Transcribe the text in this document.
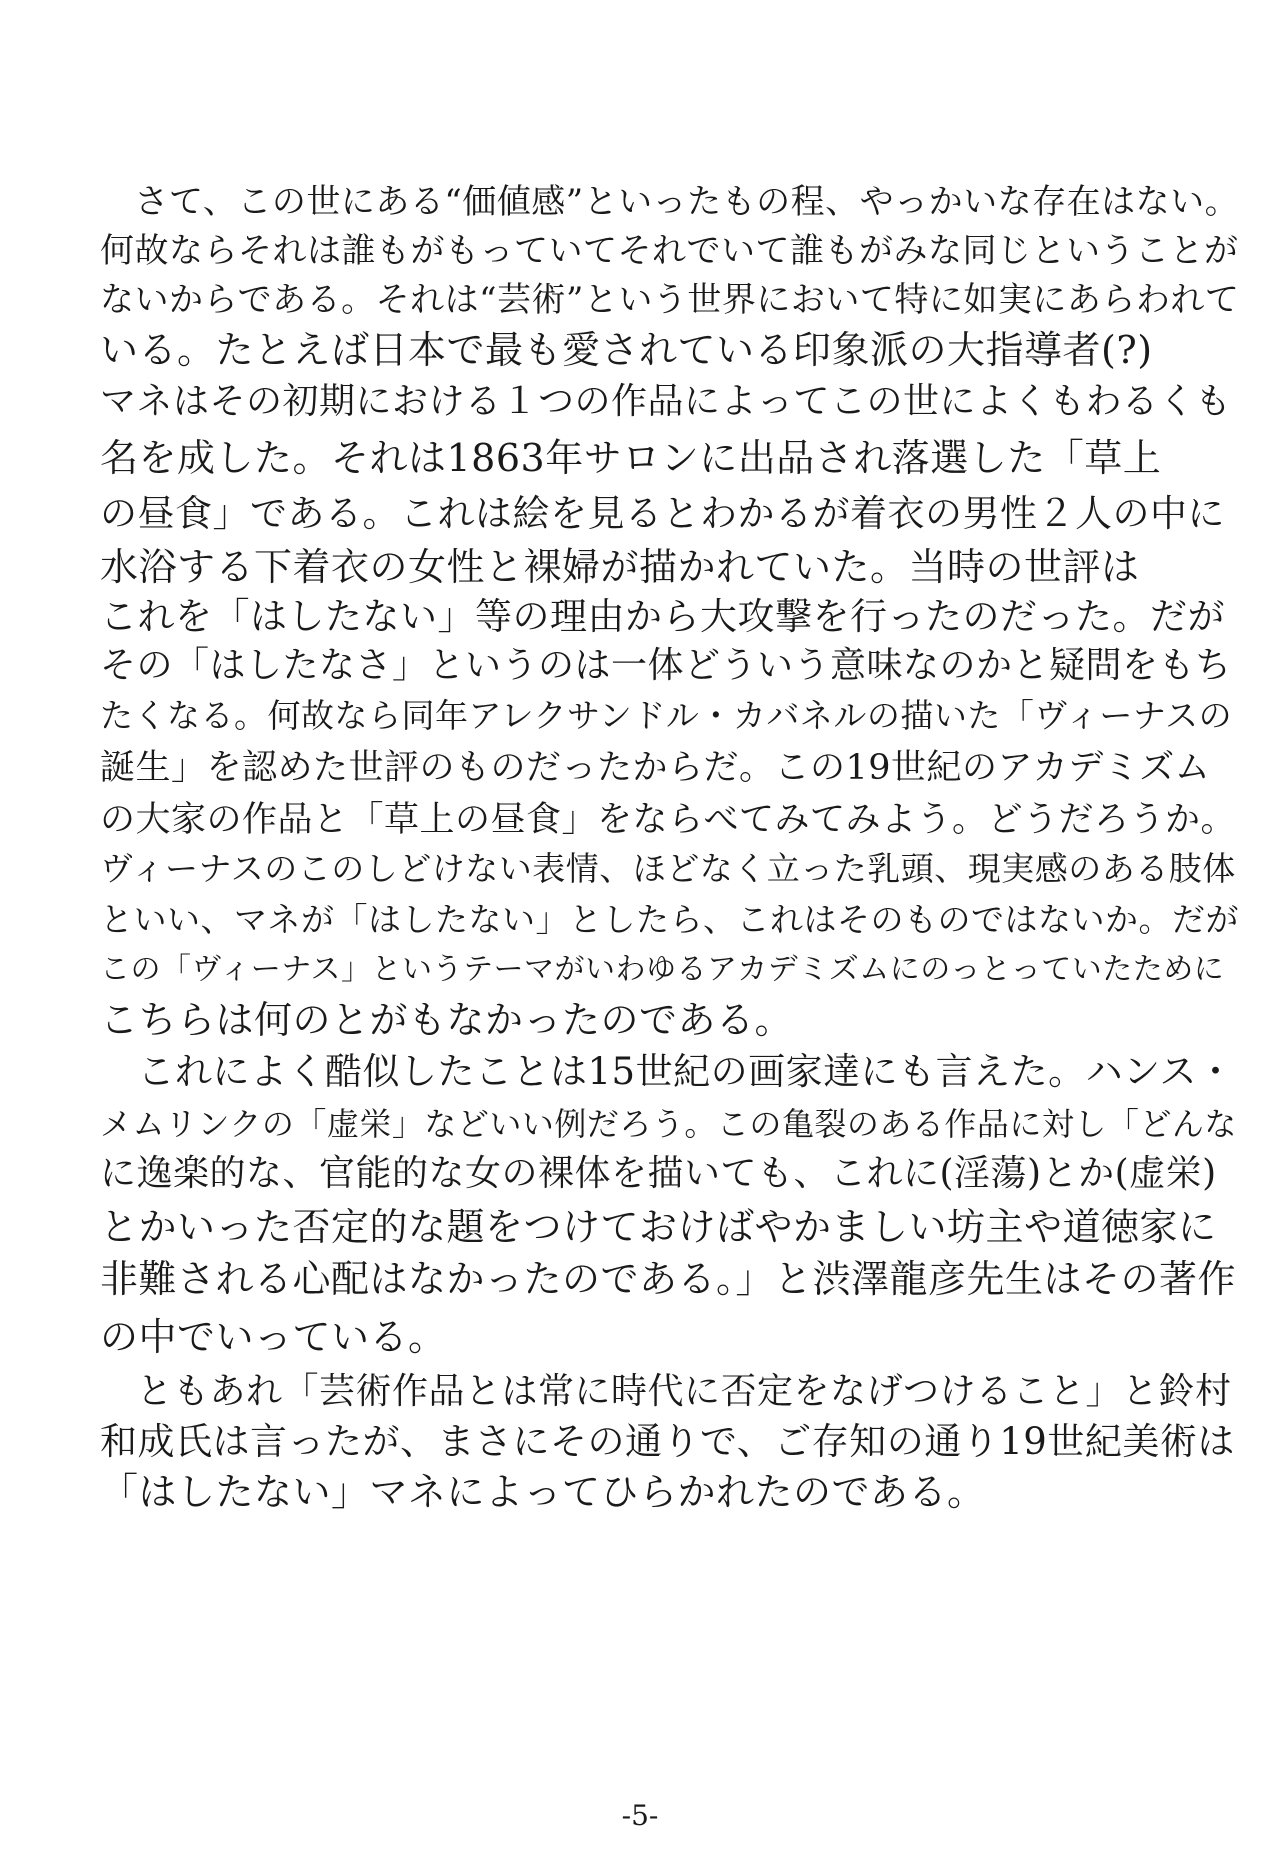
　さて、この世にある“価値感”といったもの程、やっかいな存在はない。
何故ならそれは誰もがもっていてそれでいて誰もがみな同じということが
ないからである。それは“芸術”という世界において特に如実にあらわれて
いる。たとえば日本で最も愛されている印象派の大指導者(?)
マネはその初期における１つの作品によってこの世によくもわるくも
名を成した。それは1863年サロンに出品され落選した「草上
の昼食」である。これは絵を見るとわかるが着衣の男性２人の中に
水浴する下着衣の女性と裸婦が描かれていた。当時の世評は
これを「はしたない」等の理由から大攻撃を行ったのだった。だが
その「はしたなさ」というのは一体どういう意味なのかと疑問をもち
たくなる。何故なら同年アレクサンドル・カバネルの描いた「ヴィーナスの
誕生」を認めた世評のものだったからだ。この19世紀のアカデミズム
の大家の作品と「草上の昼食」をならべてみてみよう。どうだろうか。
ヴィーナスのこのしどけない表情、ほどなく立った乳頭、現実感のある肢体
といい、マネが「はしたない」としたら、これはそのものではないか。だが
この「ヴィーナス」というテーマがいわゆるアカデミズムにのっとっていたために
こちらは何のとがもなかったのである。
　これによく酷似したことは15世紀の画家達にも言えた。ハンス・
メムリンクの「虚栄」などいい例だろう。この亀裂のある作品に対し「どんな
に逸楽的な、官能的な女の裸体を描いても、これに(淫蕩)とか(虚栄)
とかいった否定的な題をつけておけばやかましい坊主や道徳家に
非難される心配はなかったのである。」と渋澤龍彦先生はその著作
の中でいっている。
　ともあれ「芸術作品とは常に時代に否定をなげつけること」と鈴村
和成氏は言ったが、まさにその通りで、ご存知の通り19世紀美術は
「はしたない」マネによってひらかれたのである。
-5-
